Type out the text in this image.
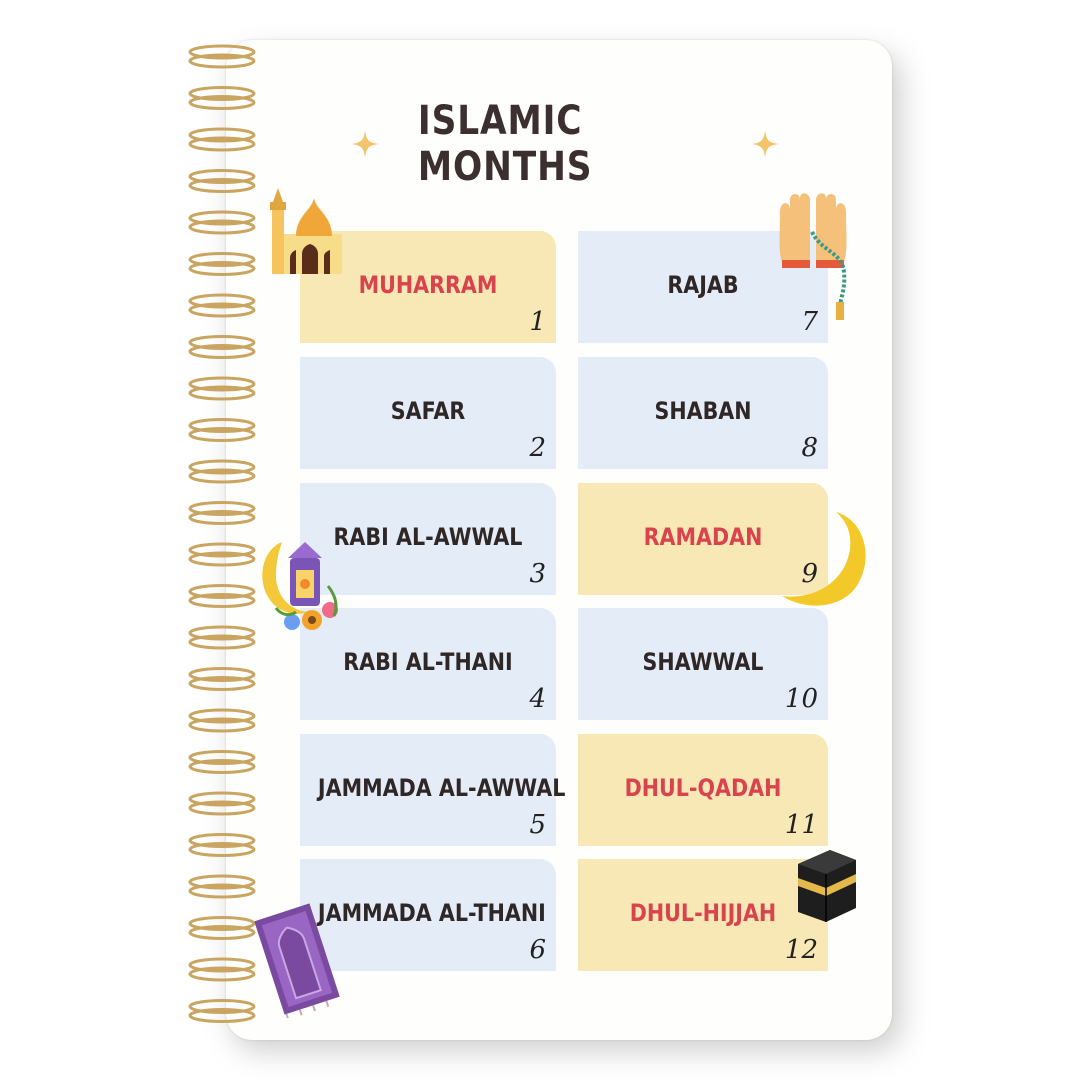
ISLAMIC MONTHS
MUHARRAM
1
SAFAR
2
RABI AL-AWWAL
3
RABI AL-THANI
4
JAMMADA AL-AWWAL
5
JAMMADA AL-THANI
6
RAJAB
7
SHABAN
8
RAMADAN
9
SHAWWAL
10
DHUL-QADAH
11
DHUL-HIJJAH
12
